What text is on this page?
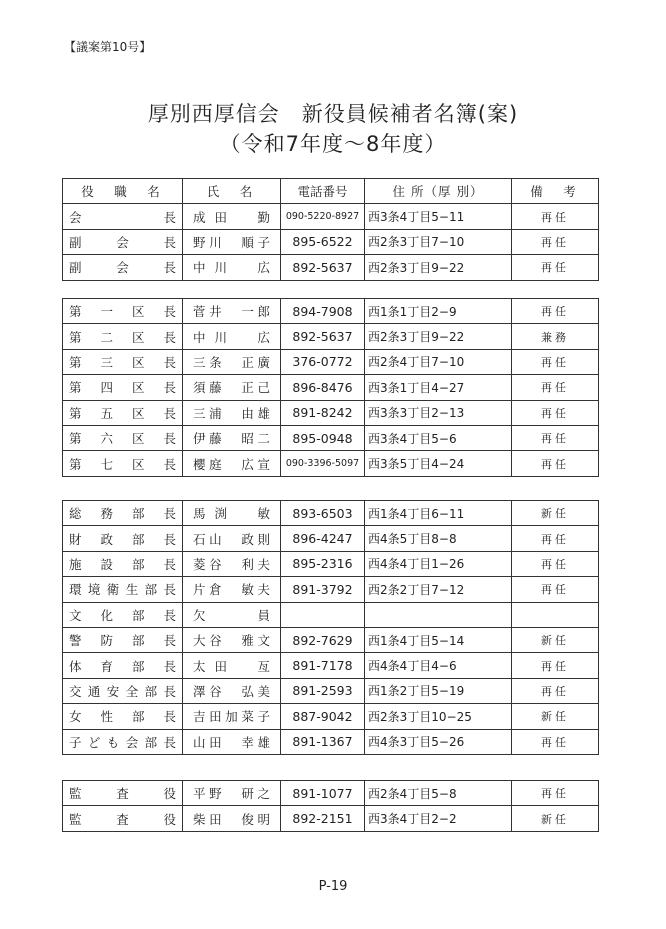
【議案第10号】
厚別西厚信会　新役員候補者名簿(案)
（令和7年度～8年度）
役　職　名	氏　名	電話番号	住 所（厚 別）	備　考
会長	成田　勤	090-5220-8927	西3条4丁目5−11	再任
副会長	野川　順子	895-6522	西2条3丁目7−10	再任
副会長	中川　広	892-5637	西2条3丁目9−22	再任
第一区長	菅井　一郎	894-7908	西1条1丁目2−9	再任
第二区長	中川　広	892-5637	西2条3丁目9−22	兼務
第三区長	三条　正廣	376-0772	西2条4丁目7−10	再任
第四区長	須藤　正己	896-8476	西3条1丁目4−27	再任
第五区長	三浦　由雄	891-8242	西3条3丁目2−13	再任
第六区長	伊藤　昭二	895-0948	西3条4丁目5−6	再任
第七区長	櫻庭　広宣	090-3396-5097	西3条5丁目4−24	再任
総務部長	馬渕　敏	893-6503	西1条4丁目6−11	新任
財政部長	石山　政則	896-4247	西4条5丁目8−8	再任
施設部長	菱谷　利夫	895-2316	西4条4丁目1−26	再任
環境衛生部長	片倉　敏夫	891-3792	西2条2丁目7−12	再任
文化部長	欠　員			
警防部長	大谷　雅文	892-7629	西1条4丁目5−14	新任
体育部長	太田　亙	891-7178	西4条4丁目4−6	再任
交通安全部長	澤谷　弘美	891-2593	西1条2丁目5−19	再任
女性部長	吉田加菜子	887-9042	西2条3丁目10−25	新任
子ども会部長	山田　幸雄	891-1367	西4条3丁目5−26	再任
監査役	平野　研之	891-1077	西2条4丁目5−8	再任
監査役	柴田　俊明	892-2151	西3条4丁目2−2	新任
P-19
